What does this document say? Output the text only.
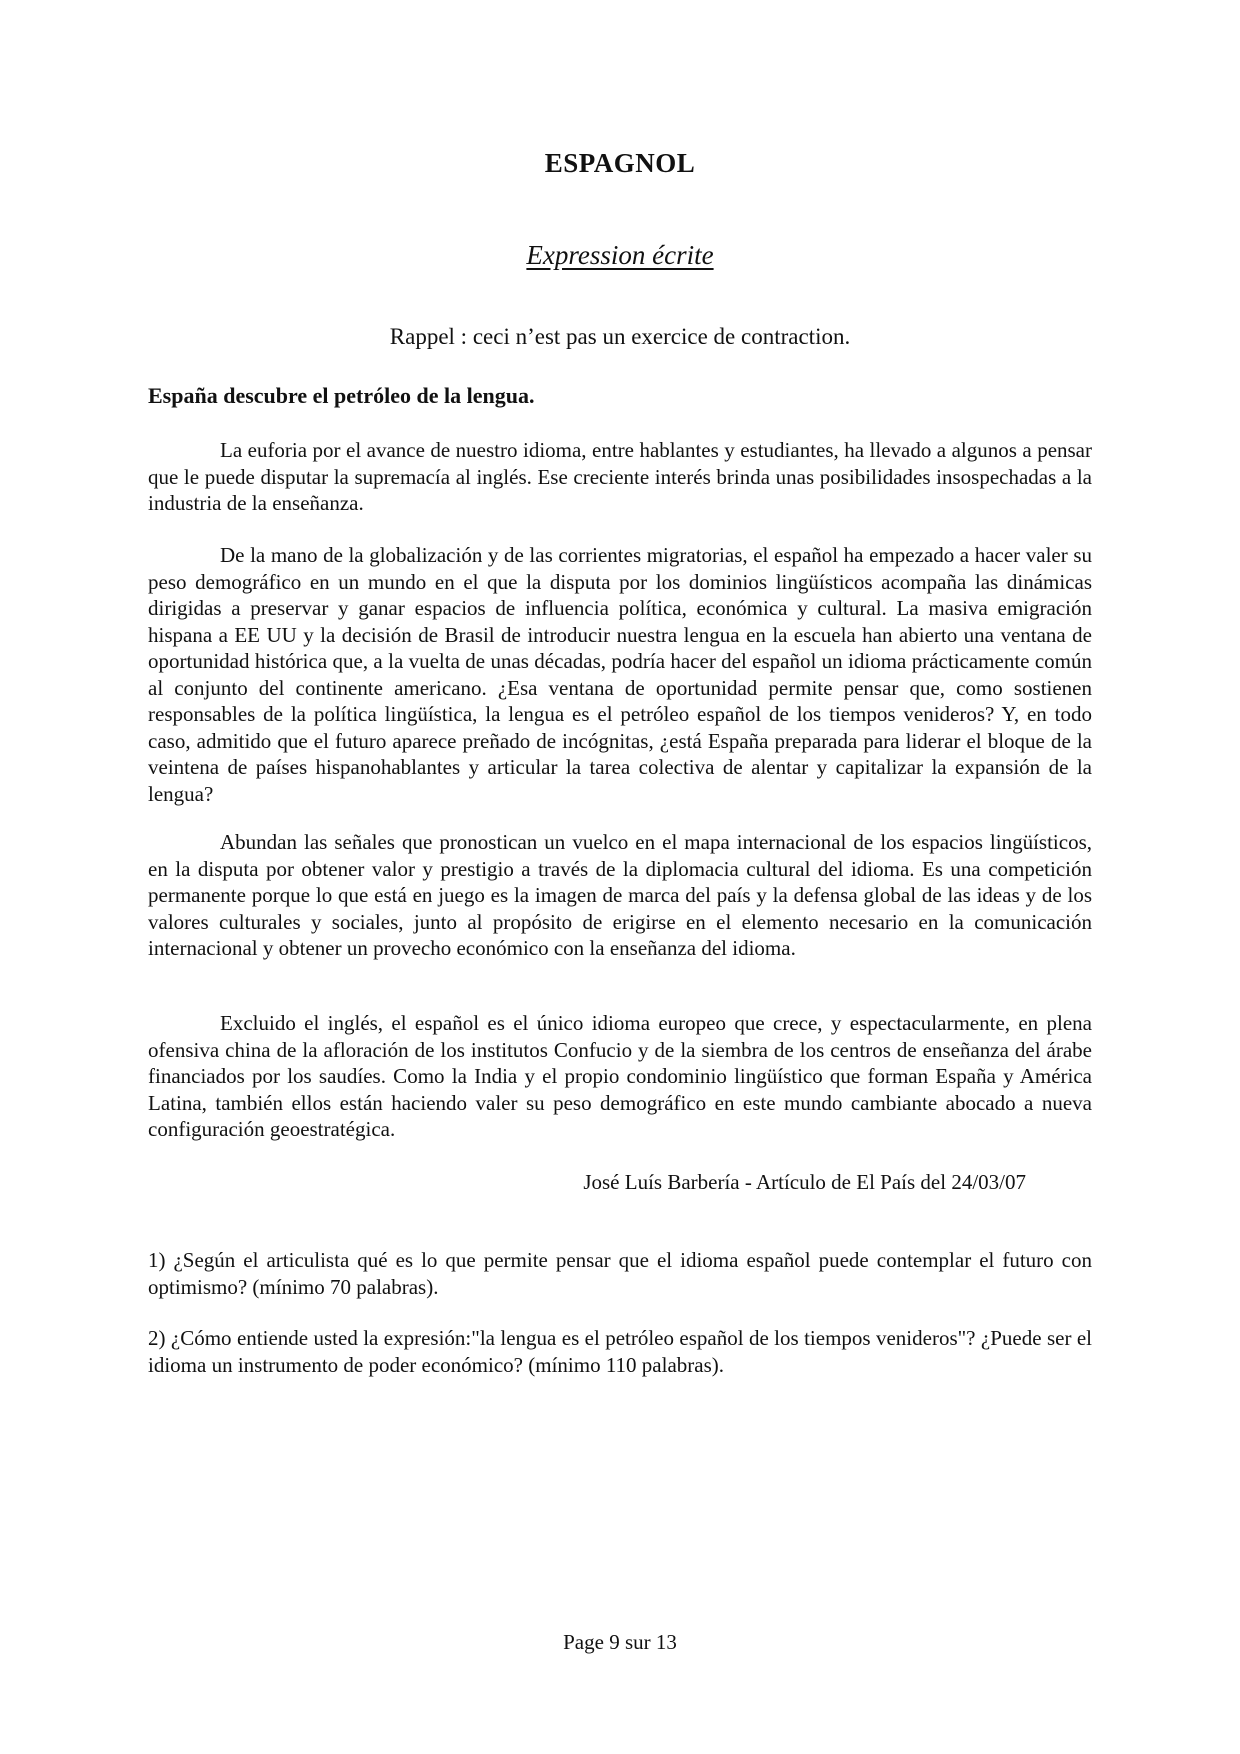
ESPAGNOL
Expression écrite
Rappel : ceci n’est pas un exercice de contraction.
España descubre el petróleo de la lengua.

La euforia por el avance de nuestro idioma, entre hablantes y estudiantes, ha llevado a algunos a pensar que le puede disputar la supremacía al inglés. Ese creciente interés brinda unas posibilidades insospechadas a la industria de la enseñanza.

De la mano de la globalización y de las corrientes migratorias, el español ha empezado a hacer valer su peso demográfico en un mundo en el que la disputa por los dominios lingüísticos acompaña las dinámicas dirigidas a preservar y ganar espacios de influencia política, económica y cultural. La masiva emigración hispana a EE UU y la decisión de Brasil de introducir nuestra lengua en la escuela han abierto una ventana de oportunidad histórica que, a la vuelta de unas décadas, podría hacer del español un idioma prácticamente común al conjunto del continente americano. ¿Esa ventana de oportunidad permite pensar que, como sostienen responsables de la política lingüística, la lengua es el petróleo español de los tiempos venideros? Y, en todo caso, admitido que el futuro aparece preñado de incógnitas, ¿está España preparada para liderar el bloque de la veintena de países hispanohablantes y articular la tarea colectiva de alentar y capitalizar la expansión de la lengua?

Abundan las señales que pronostican un vuelco en el mapa internacional de los espacios lingüísticos, en la disputa por obtener valor y prestigio a través de la diplomacia cultural del idioma. Es una competición permanente porque lo que está en juego es la imagen de marca del país y la defensa global de las ideas y de los valores culturales y sociales, junto al propósito de erigirse en el elemento necesario en la comunicación internacional y obtener un provecho económico con la enseñanza del idioma.

Excluido el inglés, el español es el único idioma europeo que crece, y espectacularmente, en plena ofensiva china de la afloración de los institutos Confucio y de la siembra de los centros de enseñanza del árabe financiados por los saudíes. Como la India y el propio condominio lingüístico que forman España y América Latina, también ellos están haciendo valer su peso demográfico en este mundo cambiante abocado a nueva configuración geoestratégica.

José Luís Barbería - Artículo de El País del 24/03/07

1) ¿Según el articulista qué es lo que permite pensar que el idioma español puede contemplar el futuro con optimismo? (mínimo 70 palabras).

2) ¿Cómo entiende usted la expresión:"la lengua es el petróleo español de los tiempos venideros"? ¿Puede ser el idioma un instrumento de poder económico? (mínimo 110 palabras).

Page 9 sur 13
